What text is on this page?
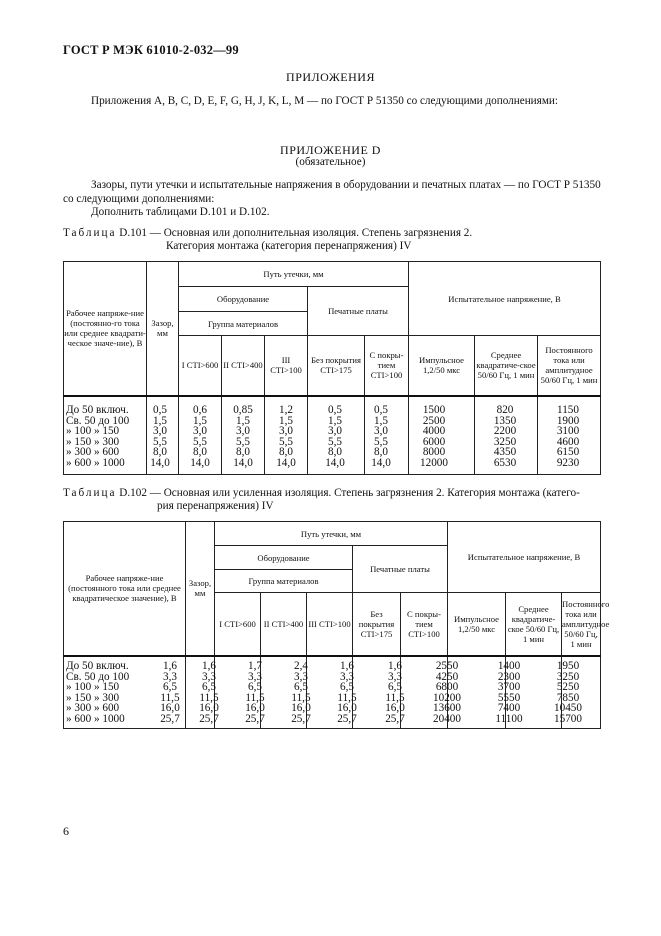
ГОСТ Р МЭК 61010-2-032—99
ПРИЛОЖЕНИЯ
Приложения A, B, C, D, E, F, G, H, J, K, L, M — по ГОСТ Р 51350 со следующими дополнениями:
ПРИЛОЖЕНИЕ D
(обязательное)
Зазоры, пути утечки и испытательные напряжения в оборудовании и печатных платах — по ГОСТ Р 51350
со следующими дополнениями:
Дополнить таблицами D.101 и D.102.
Таблица D.101 — Основная или дополнительная изоляция. Степень загрязнения 2.
Категория монтажа (категория перенапряжения) IV
Рабочее напряже-ние (постоянно-го тока или среднее квадрати-ческое значе-ние), В	Зазор, мм	Путь утечки, мм					Испытательное напряжение, В		
		Оборудование			Печатные платы				
		Группа материалов							
		I CTI>600	II CTI>400	III CTI>100	Без покрытия CTI>175	С покры-тием CTI>100	Импульсное 1,2/50 мкс	Среднее квадратиче-ское 50/60 Гц, 1 мин	Постоянного тока или амплитудное 50/60 Гц, 1 мин

До 50 включ.	0,5	0,6	0,85	1,2	0,5	0,5	1500	820	1150
Св. 50 до 100	1,5	1,5	1,5	1,5	1,5	1,5	2500	1350	1900
» 100 » 150	3,0	3,0	3,0	3,0	3,0	3,0	4000	2200	3100
» 150 » 300	5,5	5,5	5,5	5,5	5,5	5,5	6000	3250	4600
» 300 » 600	8,0	8,0	8,0	8,0	8,0	8,0	8000	4350	6150
» 600 » 1000	14,0	14,0	14,0	14,0	14,0	14,0	12000	6530	9230
Таблица D.102 — Основная или усиленная изоляция. Степень загрязнения 2. Категория монтажа (катего-
рия перенапряжения) IV
Рабочее напряже-ние (постоянного тока или среднее квадратическое значение), В	Зазор, мм	Путь утечки, мм					Испытательное напряжение, В		
		Оборудование			Печатные платы				
		Группа материалов							
		I CTI>600	II CTI>400	III CTI>100	Без покрытия CTI>175	С покры-тием CTI>100	Импульсное 1,2/50 мкс	Среднее квадратиче-ское 50/60 Гц, 1 мин	Постоянного тока или амплитудное 50/60 Гц, 1 мин

До 50 включ.	1,6	1,6	1,7	2,4	1,6	1,6	2550	1400	1950
Св. 50 до 100	3,3	3,3	3,3	3,3	3,3	3,3	4250	2300	3250
» 100 » 150	6,5	6,5	6,5	6,5	6,5	6,5	6800	3700	5250
» 150 » 300	11,5	11,5	11,5	11,5	11,5	11,5	10200	5550	7850
» 300 » 600	16,0	16,0	16,0	16,0	16,0	16,0	13600	7400	10450
» 600 » 1000	25,7	25,7	25,7	25,7	25,7	25,7	20400	11100	15700
6
